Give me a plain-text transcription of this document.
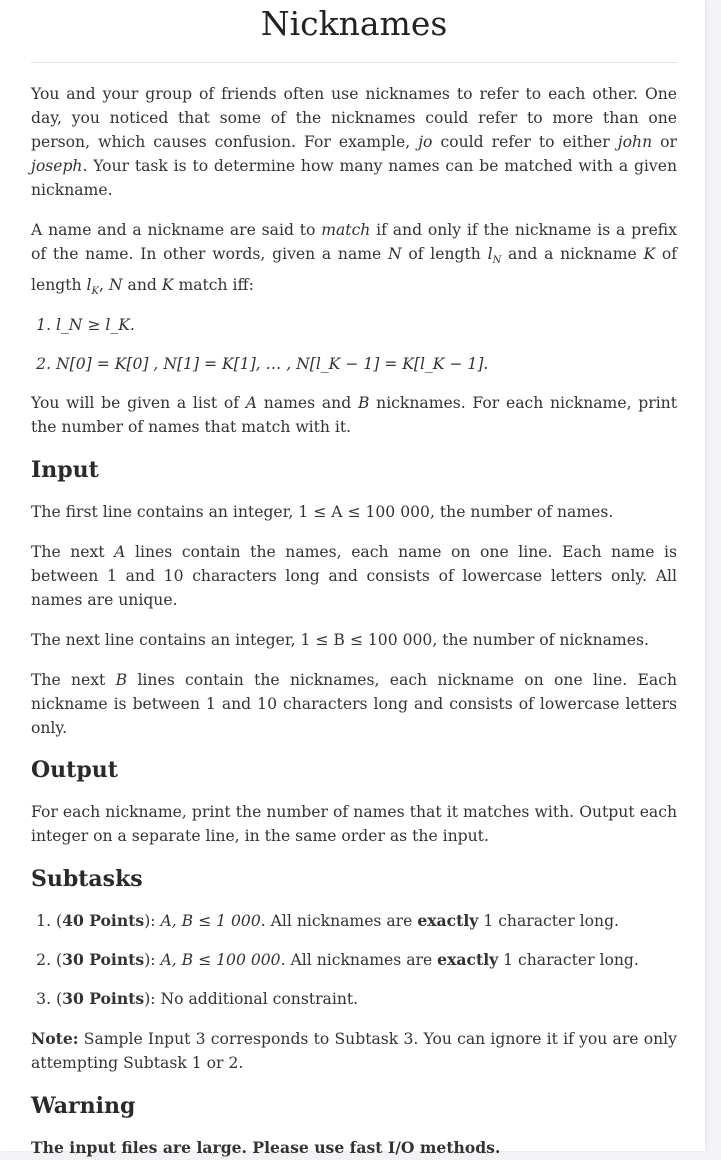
Nicknames

You and your group of friends often use nicknames to refer to each other. One day, you noticed that some of the nicknames could refer to more than one person, which causes confusion. For example, jo could refer to either john or joseph. Your task is to determine how many names can be matched with a given nickname.

A name and a nickname are said to match if and only if the nickname is a prefix of the name. In other words, given a name N of length $l_N$ and a nickname K of length $l_K$, N and K match iff:

1. l_N ≥ l_K.
2. N[0] = K[0] , N[1] = K[1], … , N[l_K − 1] = K[l_K − 1].

You will be given a list of A names and B nicknames. For each nickname, print the number of names that match with it.

Input

The first line contains an integer, 1 ≤ A ≤ 100 000, the number of names.

The next A lines contain the names, each name on one line. Each name is between 1 and 10 characters long and consists of lowercase letters only. All names are unique.

The next line contains an integer, 1 ≤ B ≤ 100 000, the number of nicknames.

The next B lines contain the nicknames, each nickname on one line. Each nickname is between 1 and 10 characters long and consists of lowercase letters only.

Output

For each nickname, print the number of names that it matches with. Output each integer on a separate line, in the same order as the input.

Subtasks
1. (40 Points): A, B ≤ 1 000. All nicknames are exactly 1 character long.
2. (30 Points): A, B ≤ 100 000. All nicknames are exactly 1 character long.
3. (30 Points): No additional constraint.

Note: Sample Input 3 corresponds to Subtask 3. You can ignore it if you are only attempting Subtask 1 or 2.

Warning

The input files are large. Please use fast I/O methods.
